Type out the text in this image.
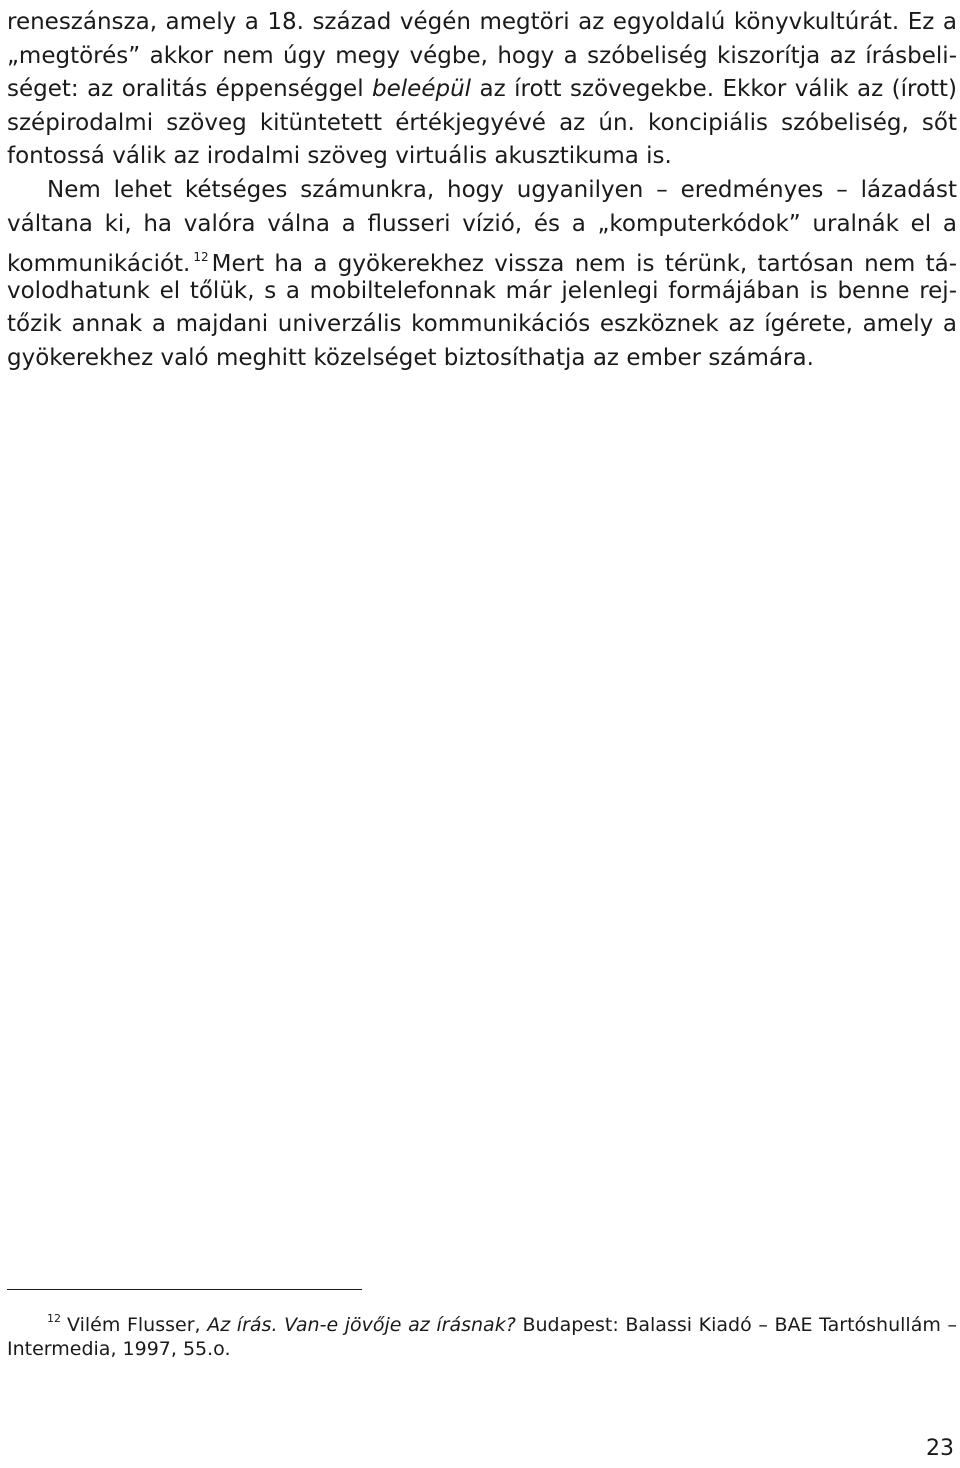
reneszánsza, amely a 18. század végén megtöri az egyoldalú könyvkultúrát. Ez a
„megtörés” akkor nem úgy megy végbe, hogy a szóbeliség kiszorítja az írásbeli-
séget: az oralitás éppenséggel beleépül az írott szövegekbe. Ekkor válik az (írott)
szépirodalmi szöveg kitüntetett értékjegyévé az ún. koncipiális szóbeliség, sőt
fontossá válik az irodalmi szöveg virtuális akusztikuma is.
Nem lehet kétséges számunkra, hogy ugyanilyen – eredményes – lázadást
váltana ki, ha valóra válna a flusseri vízió, és a „komputerkódok” uralnák el a
kommunikációt. $^{12}$ Mert ha a gyökerekhez vissza nem is térünk, tartósan nem tá-
volodhatunk el tőlük, s a mobiltelefonnak már jelenlegi formájában is benne rej-
tőzik annak a majdani univerzális kommunikációs eszköznek az ígérete, amely a
gyökerekhez való meghitt közelséget biztosíthatja az ember számára.
$^{12}$ Vilém Flusser, Az írás. Van-e jövője az írásnak? Budapest: Balassi Kiadó – BAE Tartóshullám –
Intermedia, 1997, 55.o.
23
